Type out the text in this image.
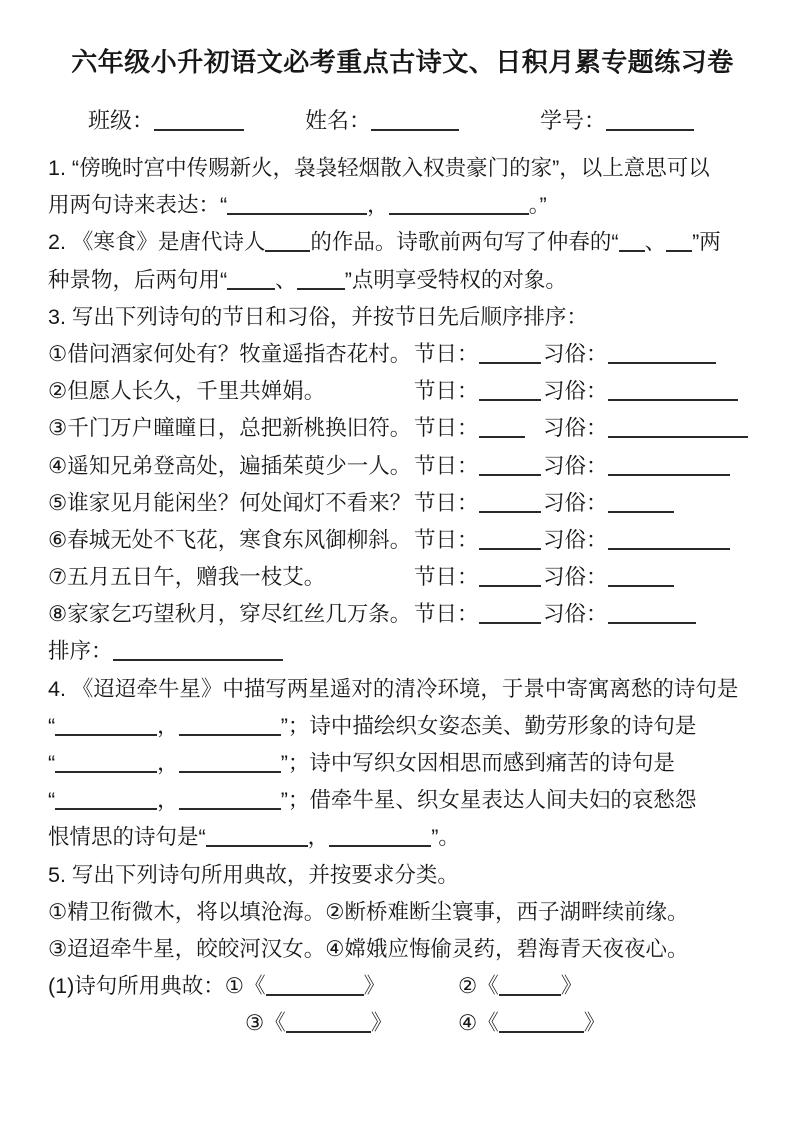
六年级小升初语文必考重点古诗文、日积月累专题练习卷
班级：	姓名：	学号：
1. “傍晚时宫中传赐新火，袅袅轻烟散入权贵豪门的家”，以上意思可以
用两句诗来表达：“	，	。”
2. 《寒食》是唐代诗人 的作品。诗歌前两句写了仲春的“ 、 ”两
种景物，后两句用“ 、 ”点明享受特权的对象。
3. 写出下列诗句的节日和习俗，并按节日先后顺序排序：
①借问酒家何处有？牧童遥指杏花村。 节日：	习俗：
②但愿人长久，千里共婵娟。	节日：	习俗：
③千门万户曈曈日，总把新桃换旧符。 节日：	习俗：
④遥知兄弟登高处，遍插茱萸少一人。 节日：	习俗：
⑤谁家见月能闲坐？何处闻灯不看来？ 节日：	习俗：
⑥春城无处不飞花，寒食东风御柳斜。 节日：	习俗：
⑦五月五日午，赠我一枝艾。	节日：	习俗：
⑧家家乞巧望秋月，穿尽红丝几万条。 节日：	习俗：
排序：
4. 《迢迢牵牛星》中描写两星遥对的清冷环境，于景中寄寓离愁的诗句是
“	，	”；诗中描绘织女姿态美、勤劳形象的诗句是
“	，	”；诗中写织女因相思而感到痛苦的诗句是
“	，	”；借牵牛星、织女星表达人间夫妇的哀愁怨
恨情思的诗句是“	，	”。
5. 写出下列诗句所用典故，并按要求分类。
①精卫衔微木，将以填沧海。②断桥难断尘寰事，西子湖畔续前缘。
③迢迢牵牛星，皎皎河汉女。④嫦娥应悔偷灵药，碧海青天夜夜心。
(1)诗句所用典故：①《	》	②《	》
③《	》	④《	》
